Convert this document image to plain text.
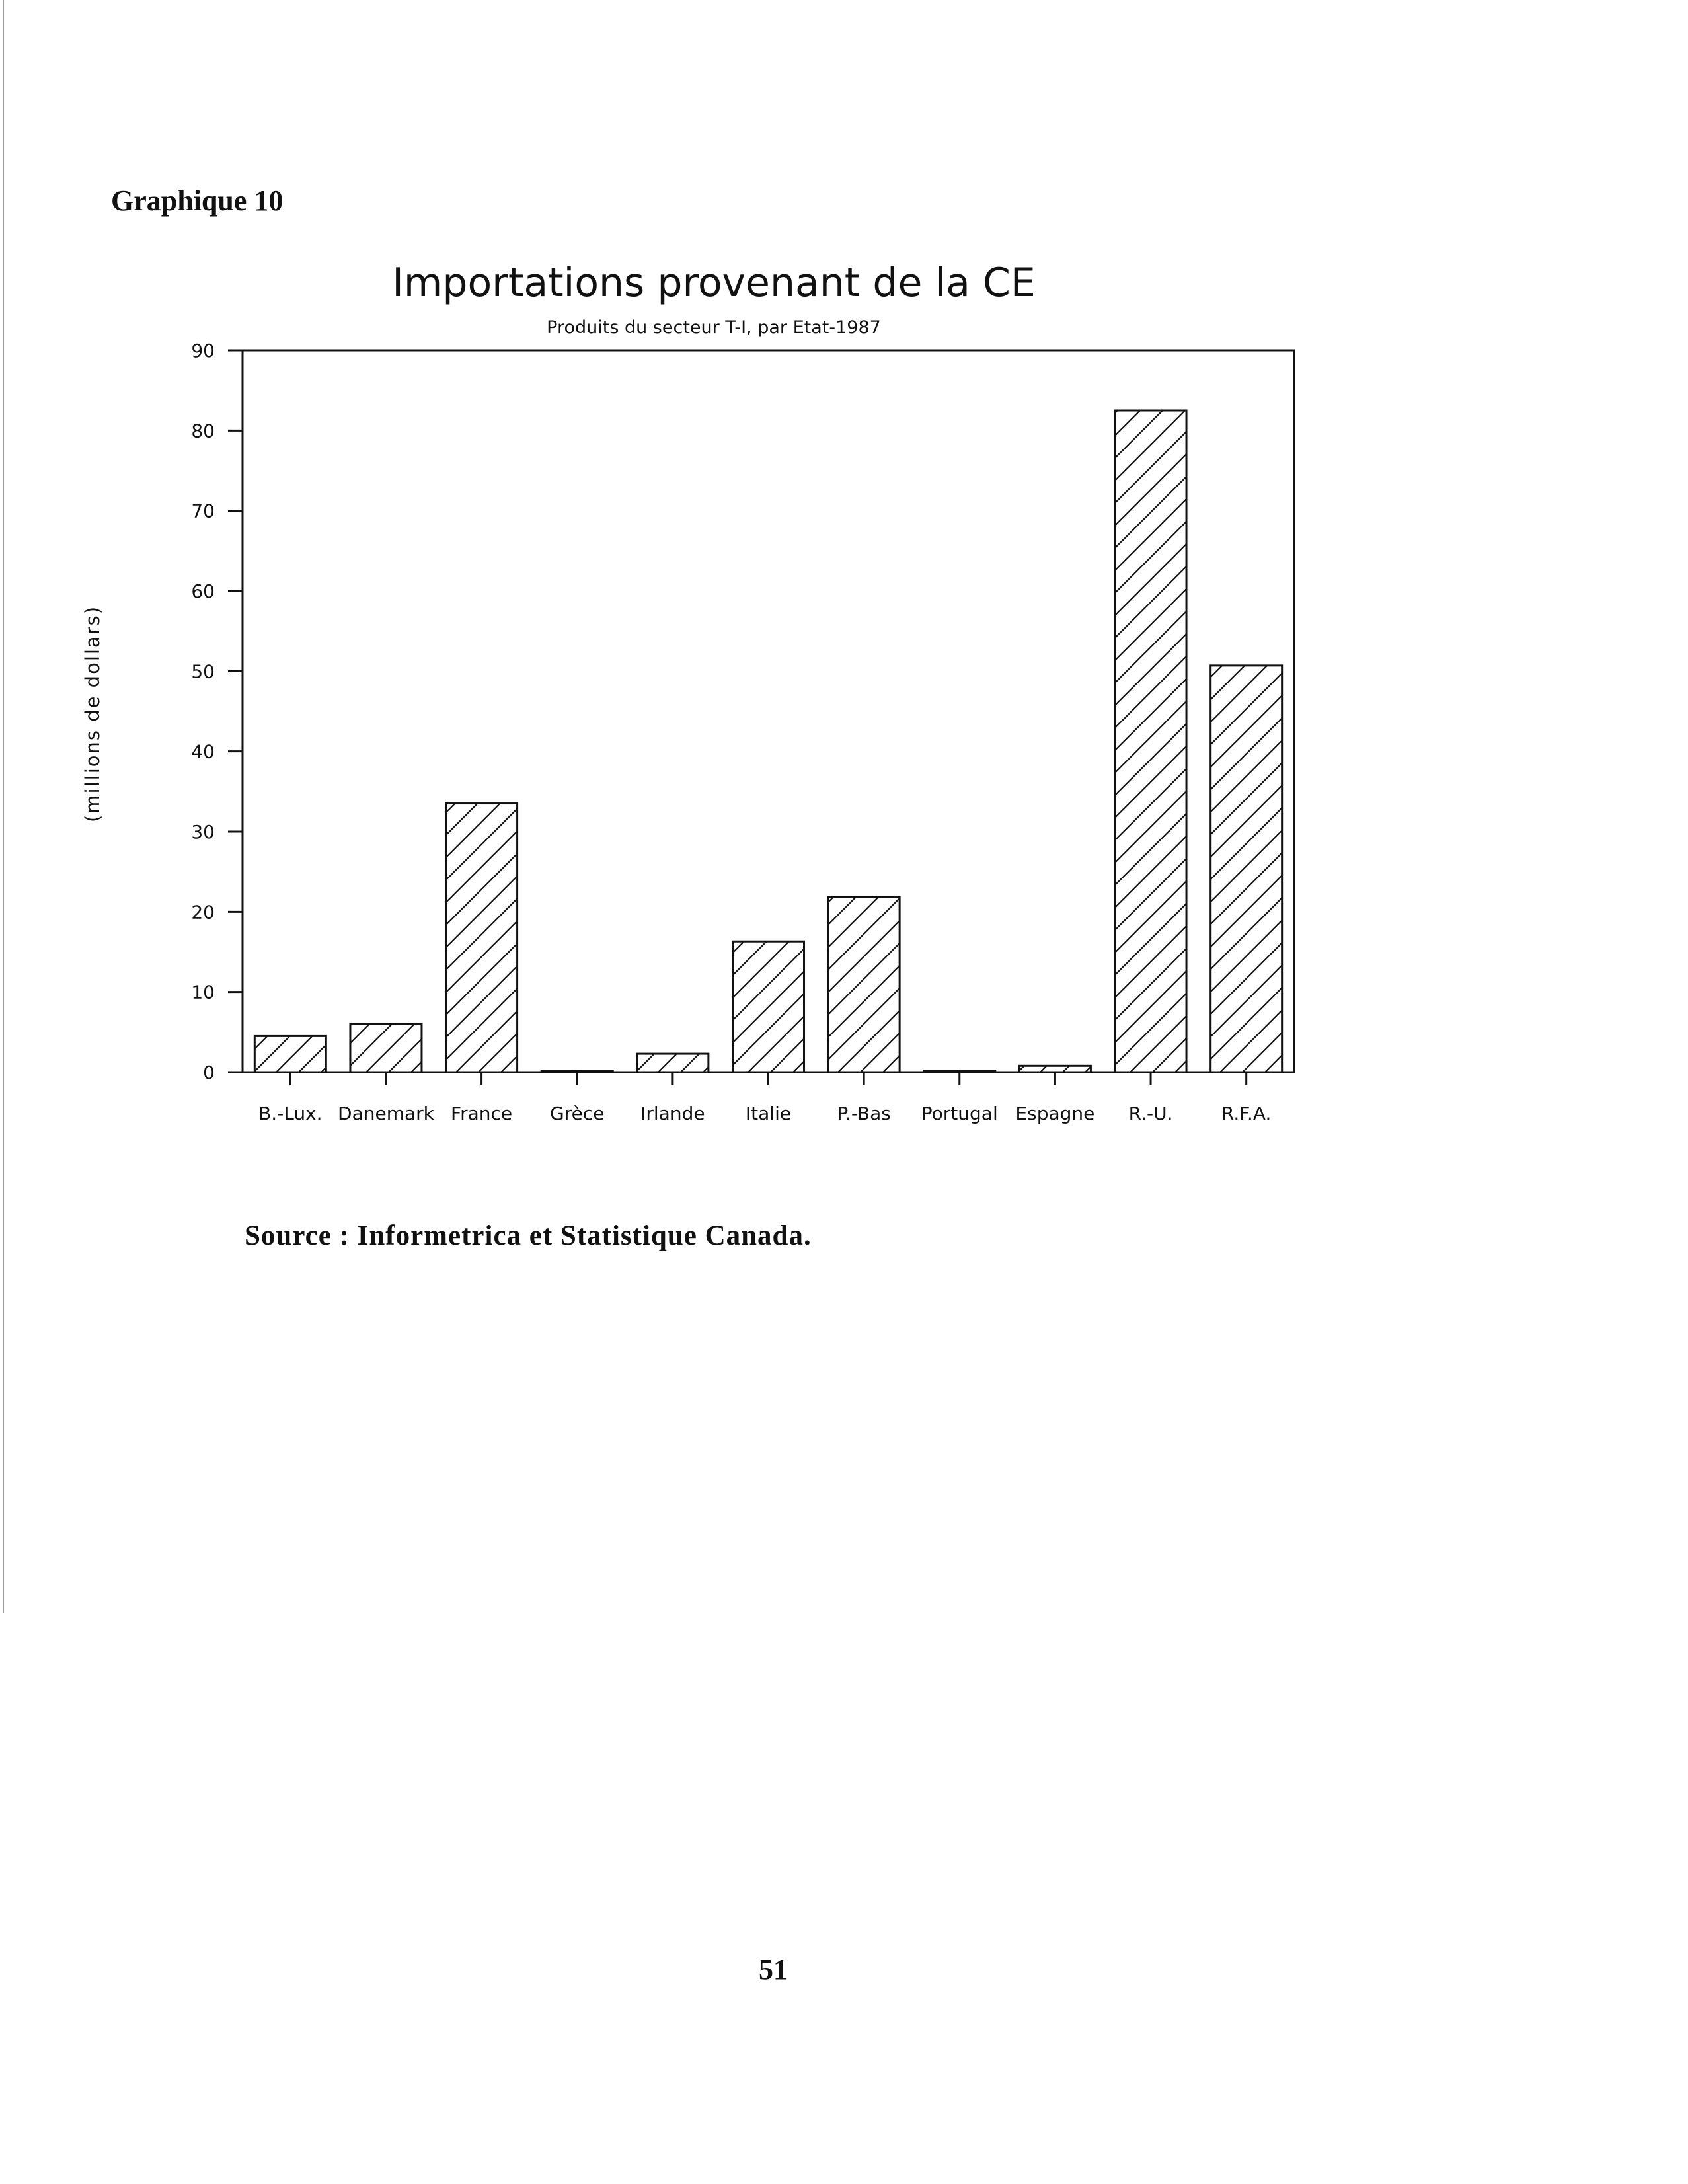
Graphique 10
Importations provenant de la CE
Produits du secteur T-I, par Etat-1987
(millions de dollars)
0
10
20
30
40
50
60
70
80
90
B.-Lux. Danemark France Grèce Irlande Italie P.-Bas Portugal Espagne R.-U.	R.F.A.
Source : Informetrica et Statistique Canada.
51
